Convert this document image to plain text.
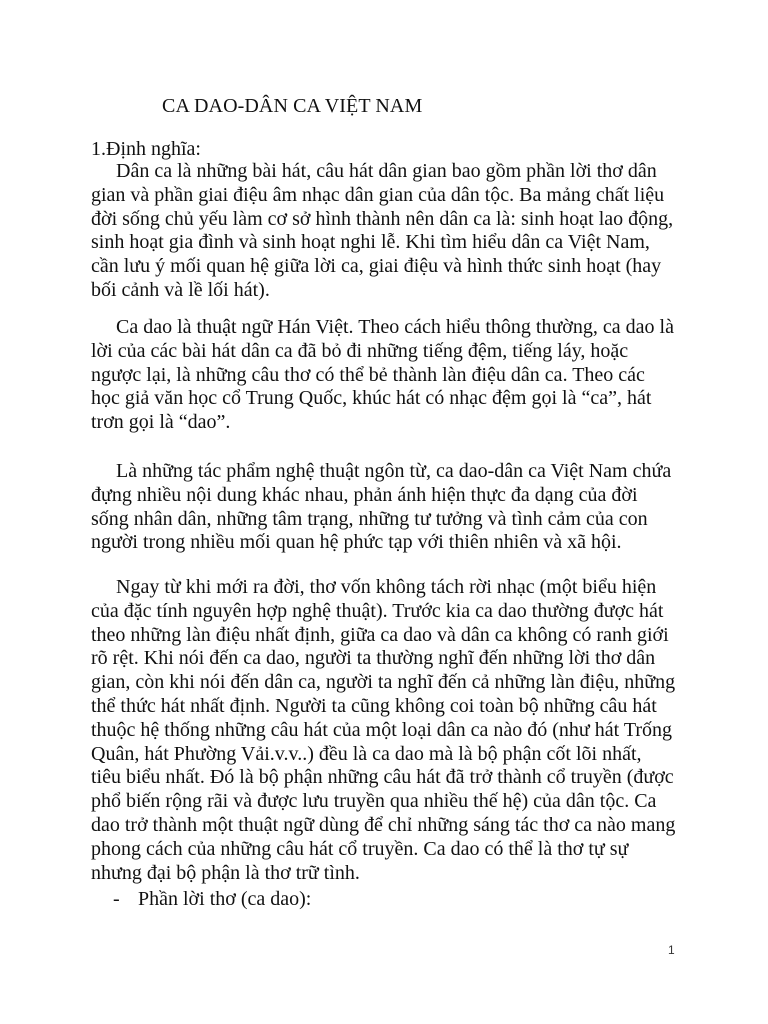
CA DAO-DÂN CA VIỆT NAM
1.Định nghĩa:
Dân ca là những bài hát, câu hát dân gian bao gồm phần lời thơ dân
gian và phần giai điệu âm nhạc dân gian của dân tộc. Ba mảng chất liệu
đời sống chủ yếu làm cơ sở hình thành nên dân ca là: sinh hoạt lao động,
sinh hoạt gia đình và sinh hoạt nghi lễ. Khi tìm hiểu dân ca Việt Nam,
cần lưu ý mối quan hệ giữa lời ca, giai điệu và hình thức sinh hoạt (hay
bối cảnh và lề lối hát).
Ca dao là thuật ngữ Hán Việt. Theo cách hiểu thông thường, ca dao là
lời của các bài hát dân ca đã bỏ đi những tiếng đệm, tiếng láy, hoặc
ngược lại, là những câu thơ có thể bẻ thành làn điệu dân ca. Theo các
học giả văn học cổ Trung Quốc, khúc hát có nhạc đệm gọi là “ca”, hát
trơn gọi là “dao”.
Là những tác phẩm nghệ thuật ngôn từ, ca dao-dân ca Việt Nam chứa
đựng nhiều nội dung khác nhau, phản ánh hiện thực đa dạng của đời
sống nhân dân, những tâm trạng, những tư tưởng và tình cảm của con
người trong nhiều mối quan hệ phức tạp với thiên nhiên và xã hội.
Ngay từ khi mới ra đời, thơ vốn không tách rời nhạc (một biểu hiện
của đặc tính nguyên hợp nghệ thuật). Trước kia ca dao thường được hát
theo những làn điệu nhất định, giữa ca dao và dân ca không có ranh giới
rõ rệt. Khi nói đến ca dao, người ta thường nghĩ đến những lời thơ dân
gian, còn khi nói đến dân ca, người ta nghĩ đến cả những làn điệu, những
thể thức hát nhất định. Người ta cũng không coi toàn bộ những câu hát
thuộc hệ thống những câu hát của một loại dân ca nào đó (như hát Trống
Quân, hát Phường Vải.v.v..) đều là ca dao mà là bộ phận cốt lõi nhất,
tiêu biểu nhất. Đó là bộ phận những câu hát đã trở thành cổ truyền (được
phổ biến rộng rãi và được lưu truyền qua nhiều thế hệ) của dân tộc. Ca
dao trở thành một thuật ngữ dùng để chỉ những sáng tác thơ ca nào mang
phong cách của những câu hát cổ truyền. Ca dao có thể là thơ tự sự
nhưng đại bộ phận là thơ trữ tình.
- Phần lời thơ (ca dao):
1
